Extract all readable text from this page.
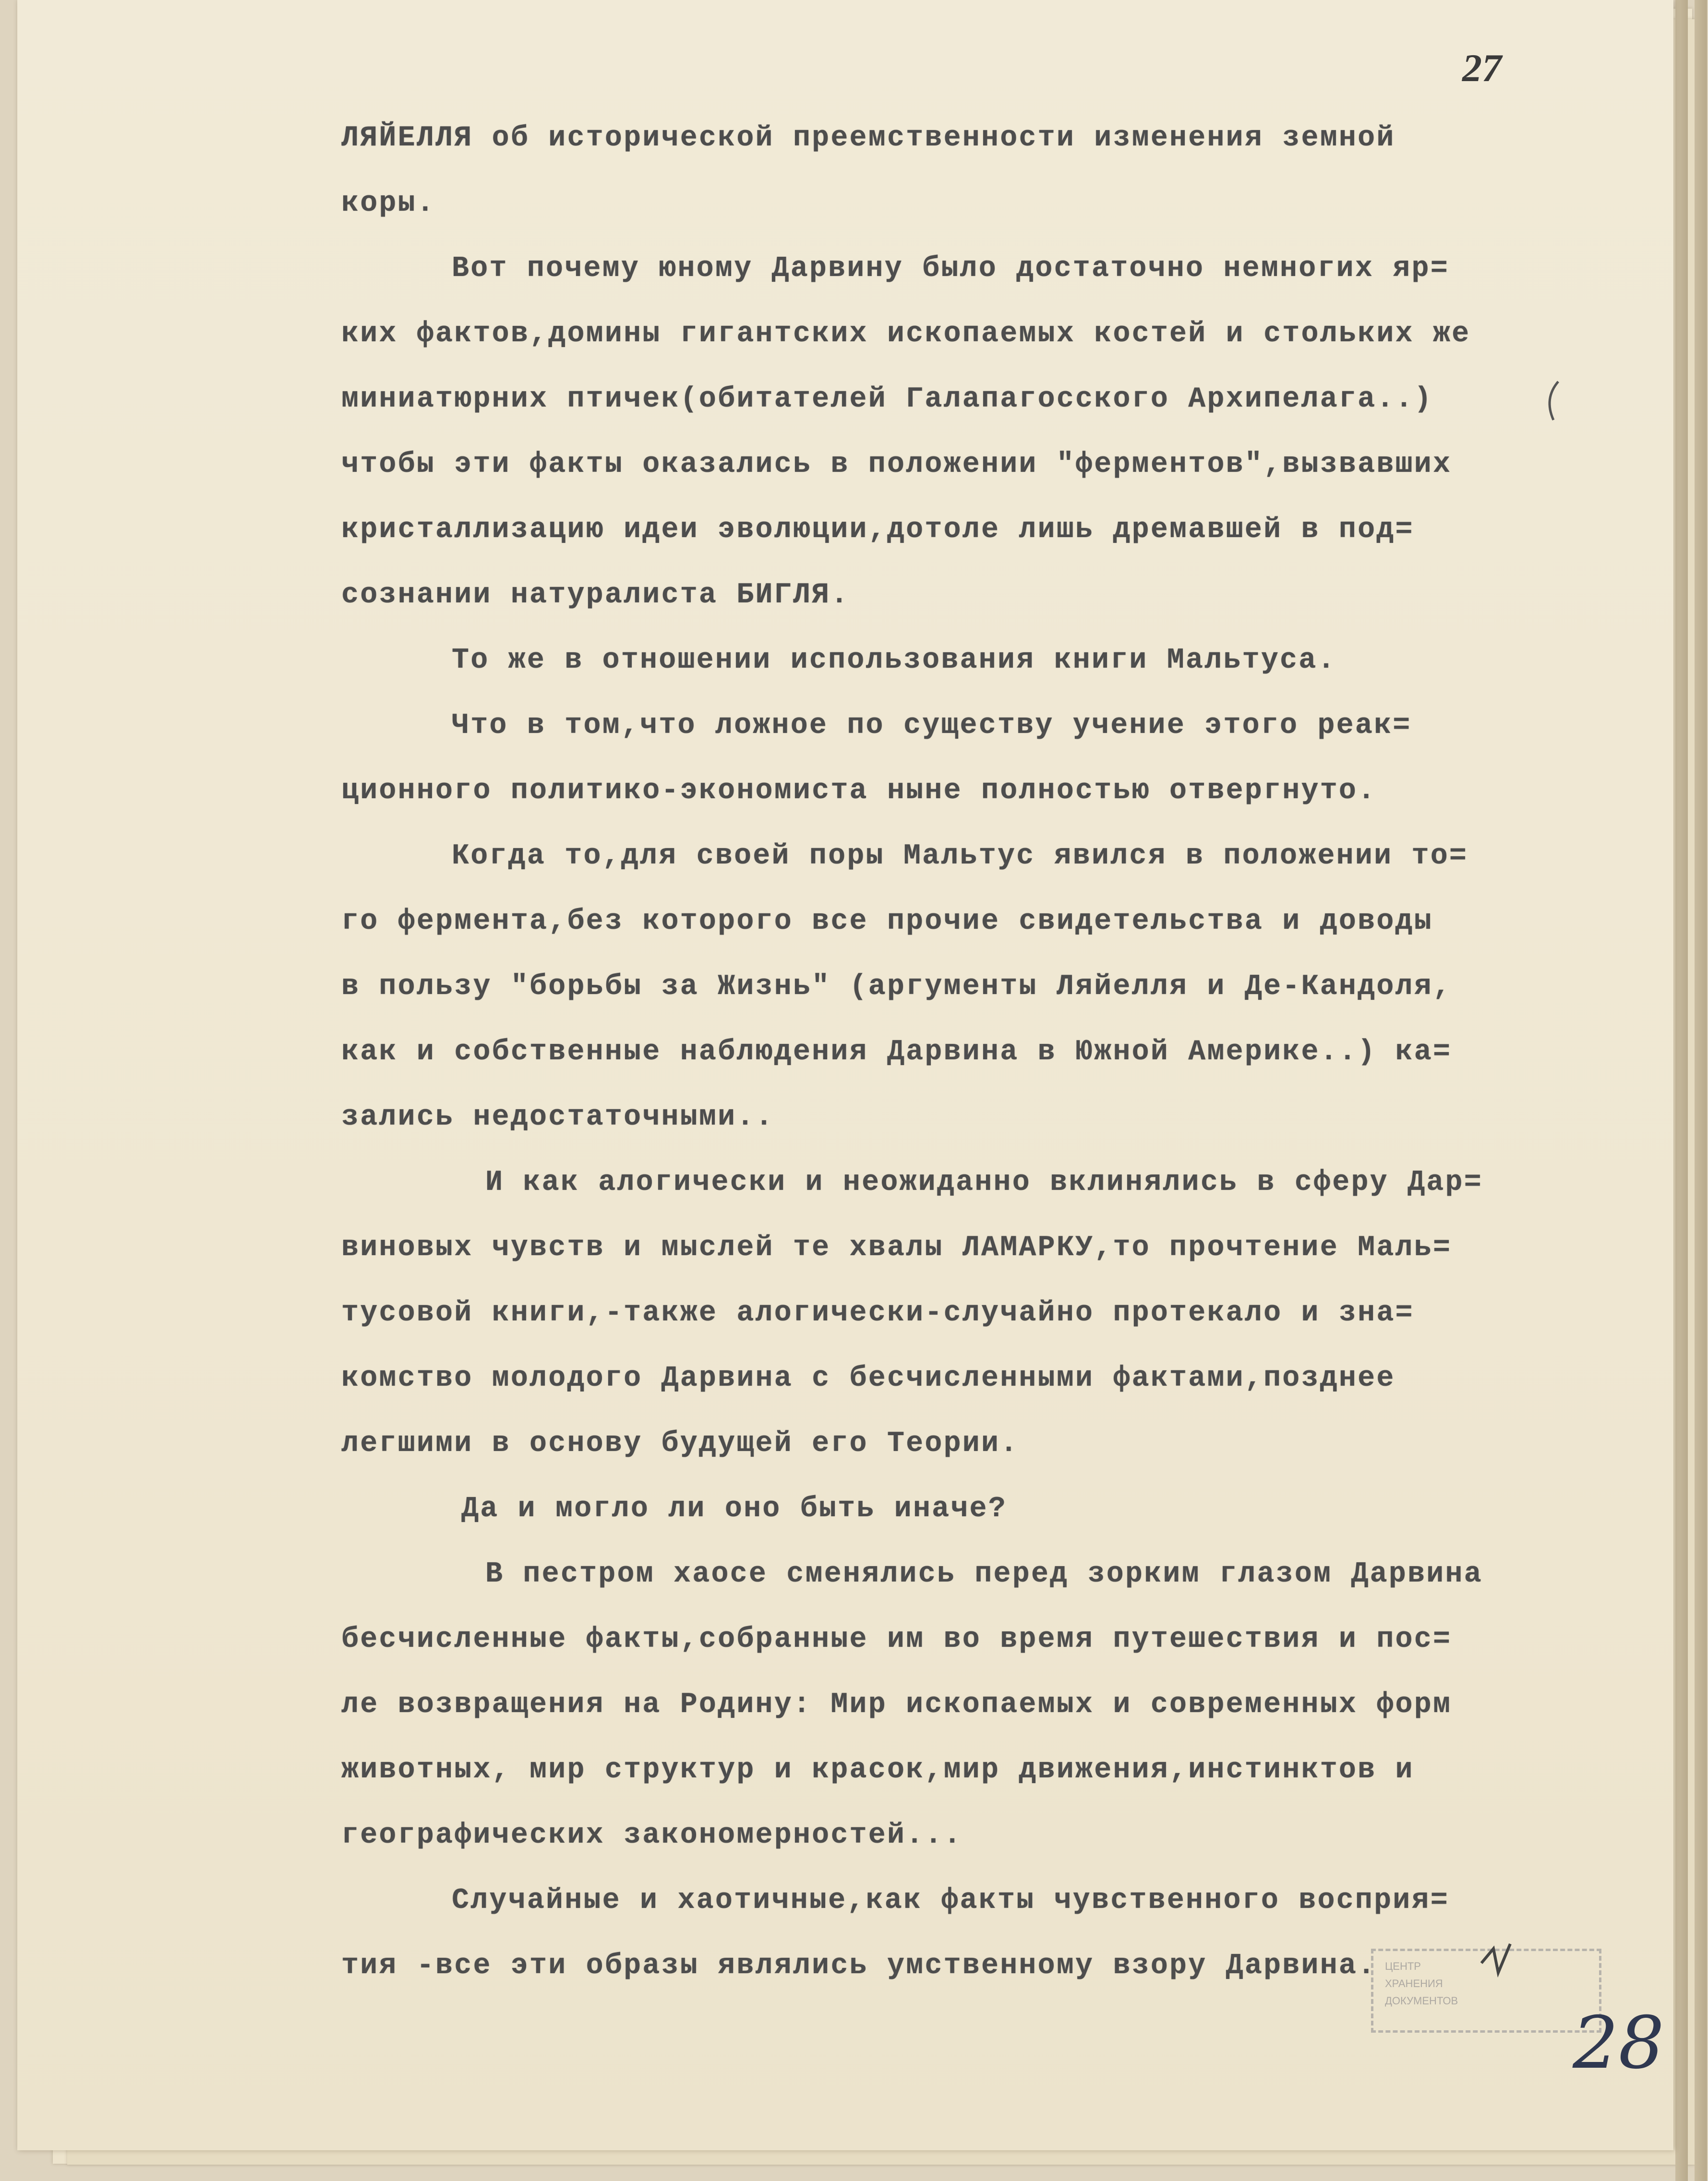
27
ЛЯЙЕЛЛЯ об исторической преемственности изменения земной
коры.
Вот почему юному Дарвину было достаточно немногих яр=
ких фактов,домины гигантских ископаемых костей и стольких же
миниатюрних птичек(обитателей Галапагосского Архипелага..)
чтобы эти факты оказались в положении "ферментов",вызвавших
кристаллизацию идеи эволюции,дотоле лишь дремавшей в под=
сознании натуралиста БИГЛЯ.
То же в отношении использования книги Мальтуса.
Что в том,что ложное по существу учение этого реак=
ционного политико-экономиста ныне полностью отвергнуто.
Когда то,для своей поры Мальтус явился в положении то=
го фермента,без которого все прочие свидетельства и доводы
в пользу "борьбы за Жизнь" (аргументы Ляйелля и Де-Кандоля,
как и собственные наблюдения Дарвина в Южной Америке..) ка=
зались недостаточными..
И как алогически и неожиданно вклинялись в сферу Дар=
виновых чувств и мыслей те хвалы ЛАМАРКУ,то прочтение Маль=
тусовой книги,-также алогически-случайно протекало и зна=
комство молодого Дарвина с бесчисленными фактами,позднее
легшими в основу будущей его Теории.
Да и могло ли оно быть иначе?
В пестром хаосе сменялись перед зорким глазом Дарвина
бесчисленные факты,собранные им во время путешествия и пос=
ле возвращения на Родину: Мир ископаемых и современных форм
животных, мир структур и красок,мир движения,инстинктов и
географических закономерностей...
Случайные и хаотичные,как факты чувственного восприя=
тия -все эти образы являлись умственному взору Дарвина. ЦЕНТР
ХРАНЕНИЯ
ДОКУМЕНТОВ
28
